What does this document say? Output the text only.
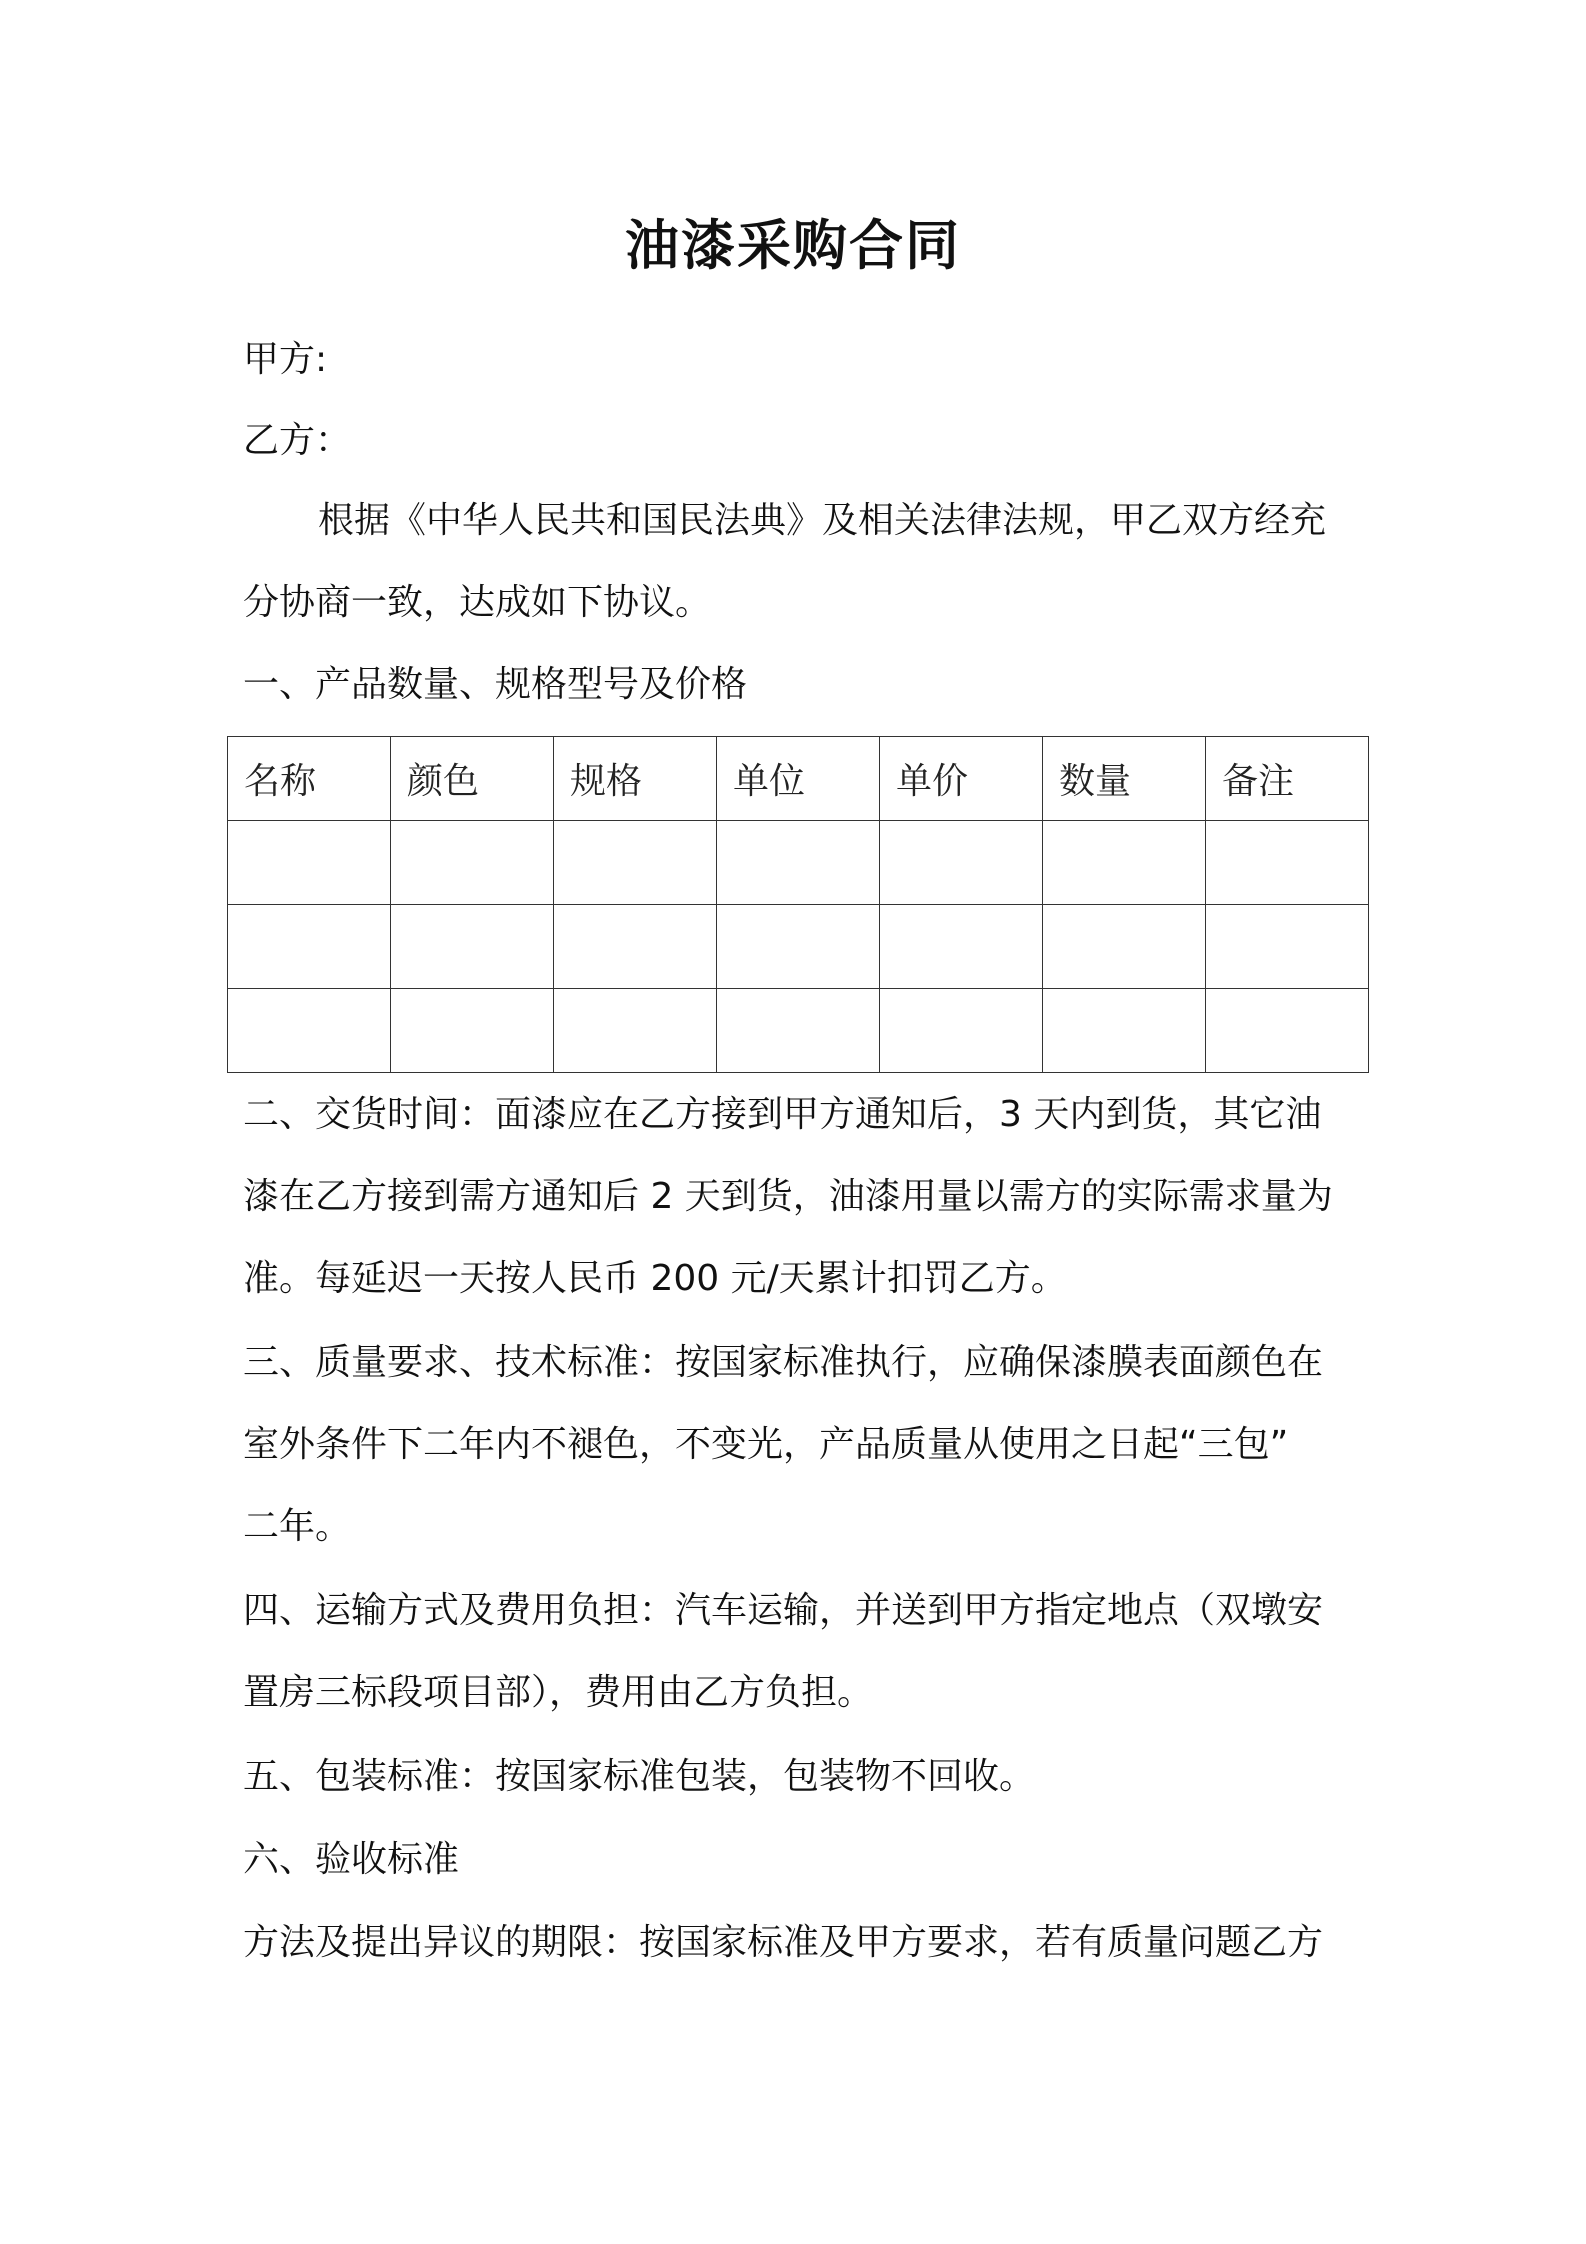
油漆采购合同
甲方:
乙方：
根据《中华人民共和国民法典》及相关法律法规，甲乙双方经充
分协商一致，达成如下协议。
一、产品数量、规格型号及价格
名称	颜色	规格	单位	单价	数量	备注

二、交货时间：面漆应在乙方接到甲方通知后，3 天内到货，其它油
漆在乙方接到需方通知后 2 天到货，油漆用量以需方的实际需求量为
准。每延迟一天按人民币 200 元/天累计扣罚乙方。
三、质量要求、技术标准：按国家标准执行，应确保漆膜表面颜色在
室外条件下二年内不褪色，不变光，产品质量从使用之日起“三包”
二年。
四、运输方式及费用负担：汽车运输，并送到甲方指定地点（双墩安
置房三标段项目部），费用由乙方负担。
五、包装标准：按国家标准包装，包装物不回收。
六、验收标准
方法及提出异议的期限：按国家标准及甲方要求，若有质量问题乙方
